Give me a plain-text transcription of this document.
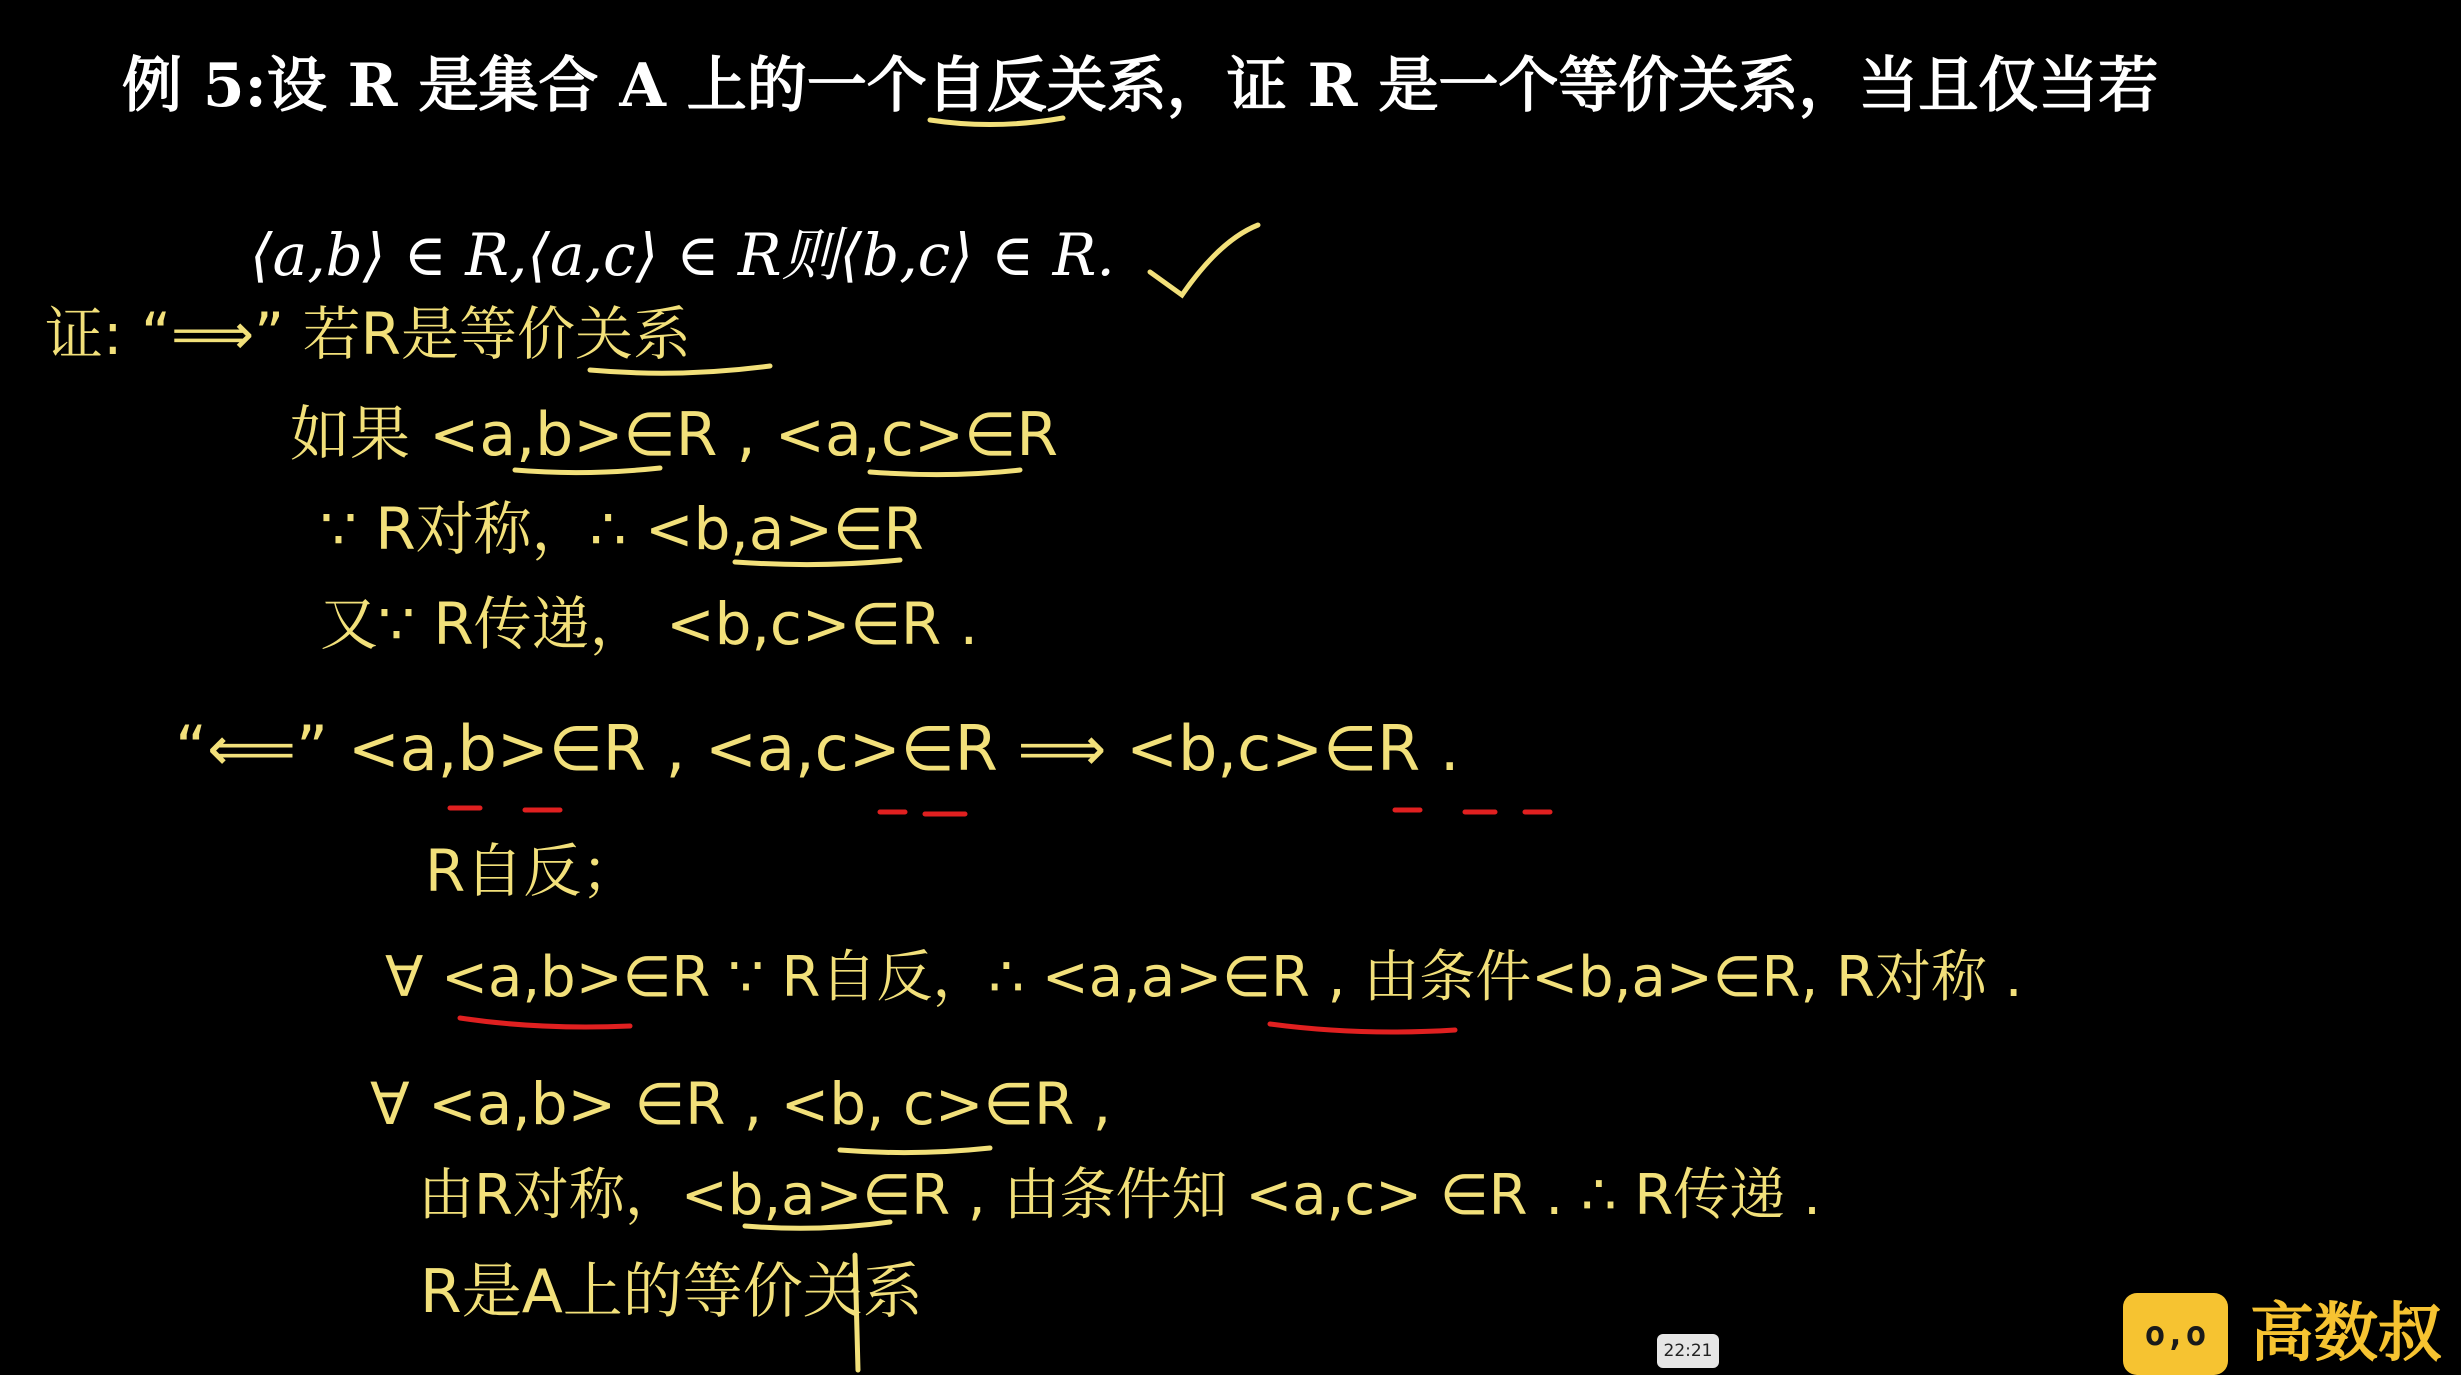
例 5:设 R 是集合 A 上的一个自反关系，证 R 是一个等价关系，当且仅当若
⟨a,b⟩ ∈ R,⟨a,c⟩ ∈ R则⟨b,c⟩ ∈ R.
证: “⟹” 若R是等价关系
如果 <a,b>∈R , <a,c>∈R
∵ R对称，∴ <b,a>∈R
又∵ R传递， <b,c>∈R .
“⟸” <a,b>∈R , <a,c>∈R ⟹ <b,c>∈R .
R自反；
∀ <a,b>∈R ∵ R自反，∴ <a,a>∈R , 由条件<b,a>∈R, R对称 .
∀ <a,b> ∈R , <b, c>∈R ,
由R对称，<b,a>∈R , 由条件知 <a,c> ∈R . ∴ R传递 .
R是A上的等价关系
22:21	o,o 高数叔
